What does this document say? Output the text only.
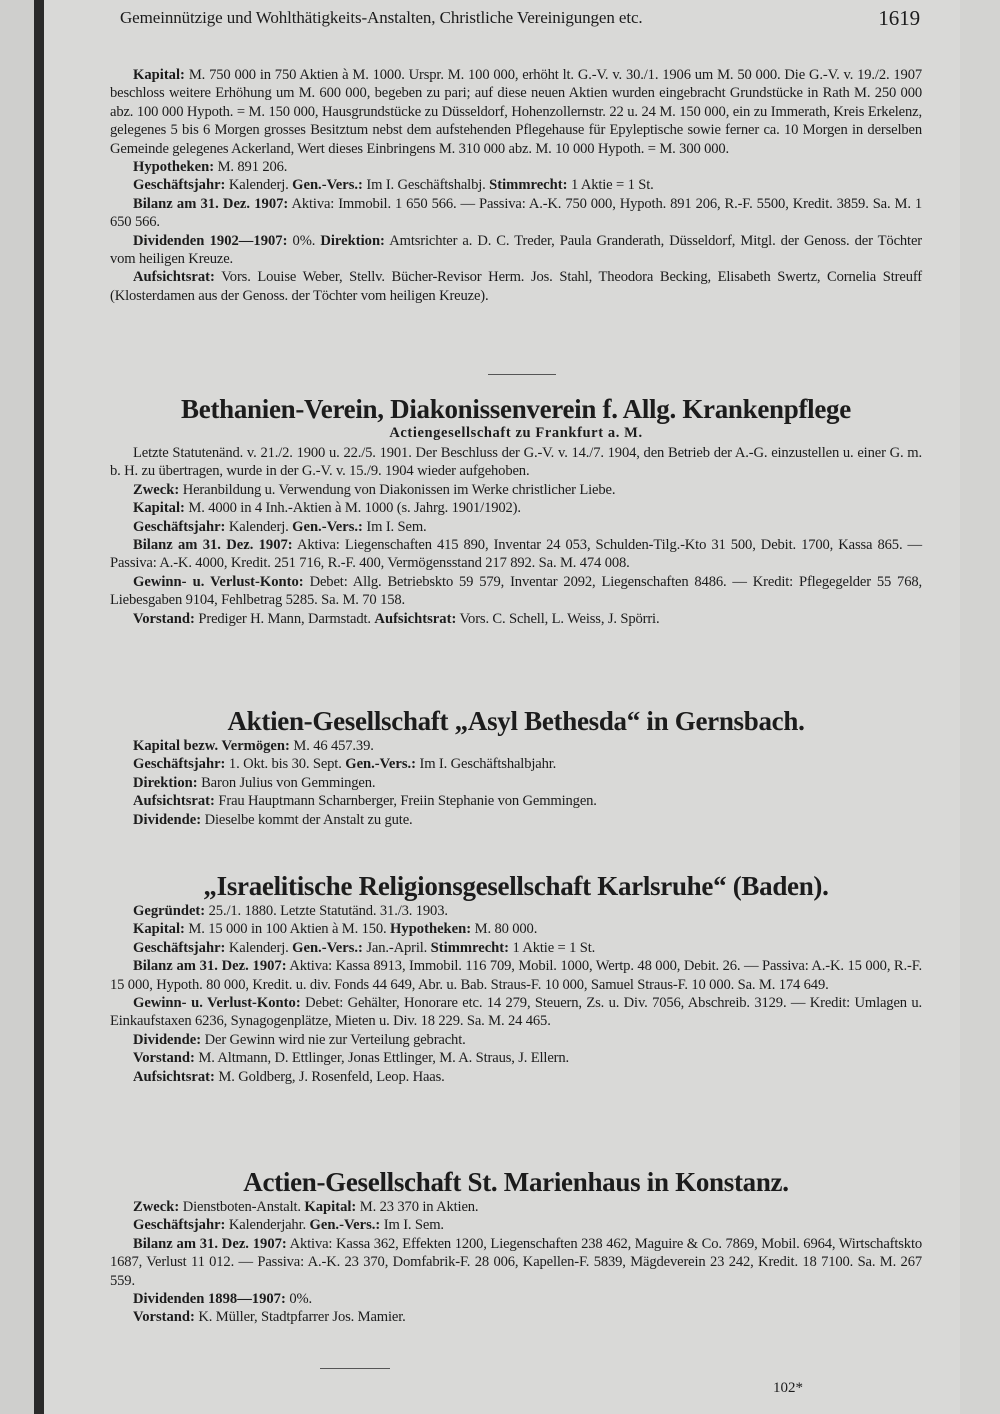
Gemeinnützige und Wohlthätigkeits-Anstalten, Christliche Vereinigungen etc.	1619

Kapital: M. 750 000 in 750 Aktien à M. 1000. Urspr. M. 100 000, erhöht lt. G.-V. v. 30./1. 1906 um M. 50 000. Die G.-V. v. 19./2. 1907 beschloss weitere Erhöhung um M. 600 000, begeben zu pari; auf diese neuen Aktien wurden eingebracht Grundstücke in Rath M. 250 000 abz. 100 000 Hypoth. = M. 150 000, Hausgrundstücke zu Düsseldorf, Hohenzollernstr. 22 u. 24 M. 150 000, ein zu Immerath, Kreis Erkelenz, gelegenes 5 bis 6 Morgen grosses Besitztum nebst dem aufstehenden Pflegehause für Epyleptische sowie ferner ca. 10 Morgen in derselben Gemeinde gelegenes Ackerland, Wert dieses Einbringens M. 310 000 abz. M. 10 000 Hypoth. = M. 300 000.

Hypotheken: M. 891 206.

Geschäftsjahr: Kalenderj. Gen.-Vers.: Im I. Geschäftshalbj. Stimmrecht: 1 Aktie = 1 St.

Bilanz am 31. Dez. 1907: Aktiva: Immobil. 1 650 566. — Passiva: A.-K. 750 000, Hypoth. 891 206, R.-F. 5500, Kredit. 3859. Sa. M. 1 650 566.

Dividenden 1902—1907: 0%. Direktion: Amtsrichter a. D. C. Treder, Paula Granderath, Düsseldorf, Mitgl. der Genoss. der Töchter vom heiligen Kreuze.

Aufsichtsrat: Vors. Louise Weber, Stellv. Bücher-Revisor Herm. Jos. Stahl, Theodora Becking, Elisabeth Swertz, Cornelia Streuff (Klosterdamen aus der Genoss. der Töchter vom heiligen Kreuze).

Bethanien-Verein, Diakonissenverein f. Allg. Krankenpflege
Actiengesellschaft zu Frankfurt a. M.

Letzte Statutenänd. v. 21./2. 1900 u. 22./5. 1901. Der Beschluss der G.-V. v. 14./7. 1904, den Betrieb der A.-G. einzustellen u. einer G. m. b. H. zu übertragen, wurde in der G.-V. v. 15./9. 1904 wieder aufgehoben.

Zweck: Heranbildung u. Verwendung von Diakonissen im Werke christlicher Liebe.

Kapital: M. 4000 in 4 Inh.-Aktien à M. 1000 (s. Jahrg. 1901/1902).

Geschäftsjahr: Kalenderj. Gen.-Vers.: Im I. Sem.

Bilanz am 31. Dez. 1907: Aktiva: Liegenschaften 415 890, Inventar 24 053, Schulden-Tilg.-Kto 31 500, Debit. 1700, Kassa 865. — Passiva: A.-K. 4000, Kredit. 251 716, R.-F. 400, Vermögensstand 217 892. Sa. M. 474 008.

Gewinn- u. Verlust-Konto: Debet: Allg. Betriebskto 59 579, Inventar 2092, Liegenschaften 8486. — Kredit: Pflegegelder 55 768, Liebesgaben 9104, Fehlbetrag 5285. Sa. M. 70 158.

Vorstand: Prediger H. Mann, Darmstadt. Aufsichtsrat: Vors. C. Schell, L. Weiss, J. Spörri.

Aktien-Gesellschaft „Asyl Bethesda“ in Gernsbach.

Kapital bezw. Vermögen: M. 46 457.39.

Geschäftsjahr: 1. Okt. bis 30. Sept. Gen.-Vers.: Im I. Geschäftshalbjahr.

Direktion: Baron Julius von Gemmingen.

Aufsichtsrat: Frau Hauptmann Scharnberger, Freiin Stephanie von Gemmingen.

Dividende: Dieselbe kommt der Anstalt zu gute.

„Israelitische Religionsgesellschaft Karlsruhe“ (Baden).

Gegründet: 25./1. 1880. Letzte Statutänd. 31./3. 1903.

Kapital: M. 15 000 in 100 Aktien à M. 150. Hypotheken: M. 80 000.

Geschäftsjahr: Kalenderj. Gen.-Vers.: Jan.-April. Stimmrecht: 1 Aktie = 1 St.

Bilanz am 31. Dez. 1907: Aktiva: Kassa 8913, Immobil. 116 709, Mobil. 1000, Wertp. 48 000, Debit. 26. — Passiva: A.-K. 15 000, R.-F. 15 000, Hypoth. 80 000, Kredit. u. div. Fonds 44 649, Abr. u. Bab. Straus-F. 10 000, Samuel Straus-F. 10 000. Sa. M. 174 649.

Gewinn- u. Verlust-Konto: Debet: Gehälter, Honorare etc. 14 279, Steuern, Zs. u. Div. 7056, Abschreib. 3129. — Kredit: Umlagen u. Einkaufstaxen 6236, Synagogenplätze, Mieten u. Div. 18 229. Sa. M. 24 465.

Dividende: Der Gewinn wird nie zur Verteilung gebracht.

Vorstand: M. Altmann, D. Ettlinger, Jonas Ettlinger, M. A. Straus, J. Ellern.

Aufsichtsrat: M. Goldberg, J. Rosenfeld, Leop. Haas.

Actien-Gesellschaft St. Marienhaus in Konstanz.

Zweck: Dienstboten-Anstalt. Kapital: M. 23 370 in Aktien.

Geschäftsjahr: Kalenderjahr. Gen.-Vers.: Im I. Sem.

Bilanz am 31. Dez. 1907: Aktiva: Kassa 362, Effekten 1200, Liegenschaften 238 462, Maguire & Co. 7869, Mobil. 6964, Wirtschaftskto 1687, Verlust 11 012. — Passiva: A.-K. 23 370, Domfabrik-F. 28 006, Kapellen-F. 5839, Mägdeverein 23 242, Kredit. 18 7100. Sa. M. 267 559.

Dividenden 1898—1907: 0%.

Vorstand: K. Müller, Stadtpfarrer Jos. Mamier.

102*
